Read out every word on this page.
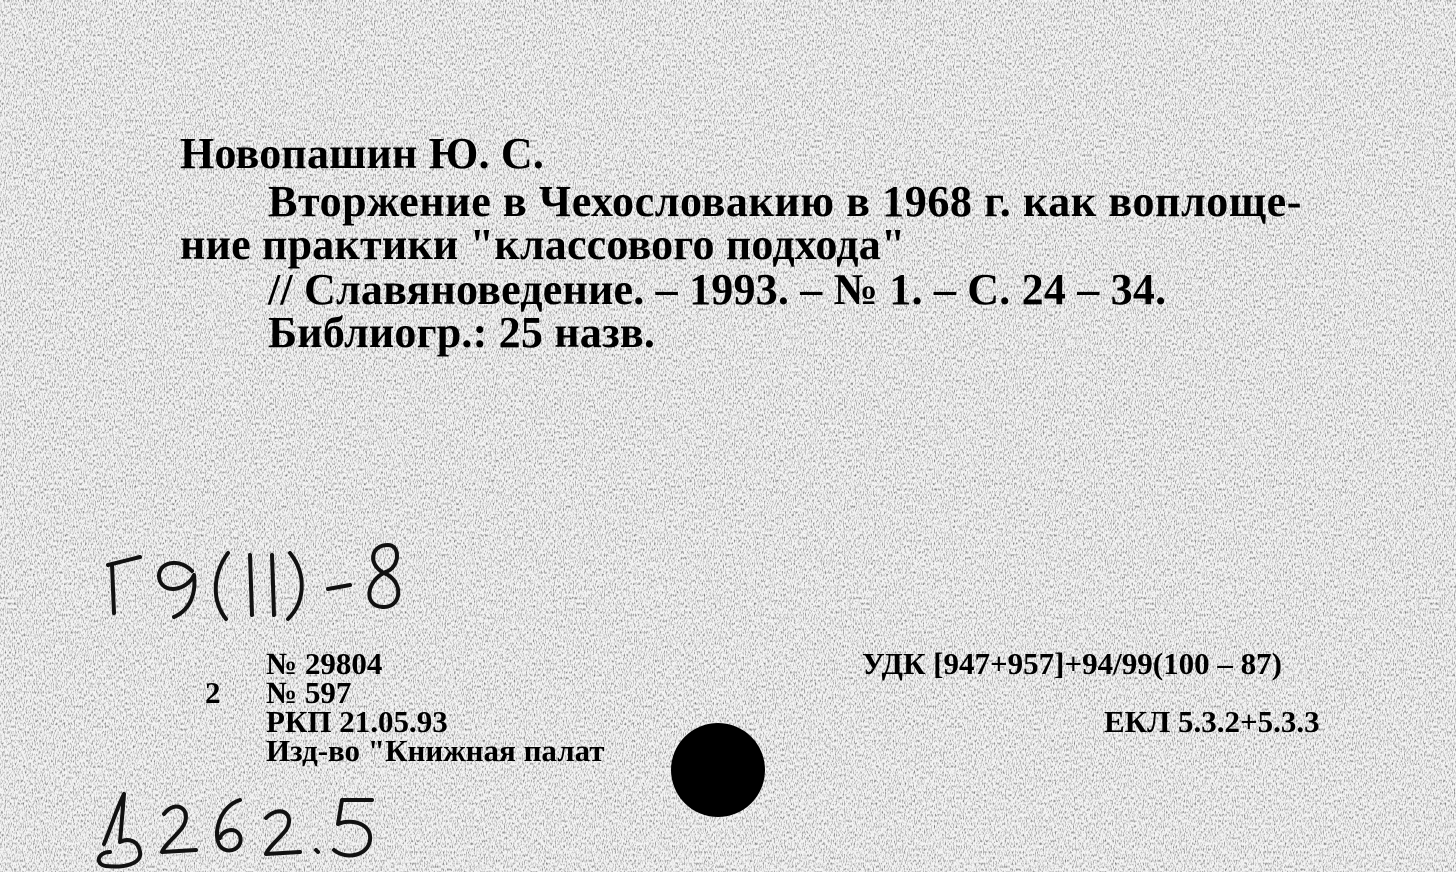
Новопашин Ю. С.
Вторжение в Чехословакию в 1968 г. как воплоще-
ние практики "классового подхода"
// Славяноведение. – 1993. – № 1. – С. 24 – 34.
Библиогр.: 25 назв.
№ 29804
2 № 597
РКП 21.05.93
Изд-во "Книжная палат
УДК [947+957]+94/99(100 – 87)
ЕКЛ 5.3.2+5.3.3
